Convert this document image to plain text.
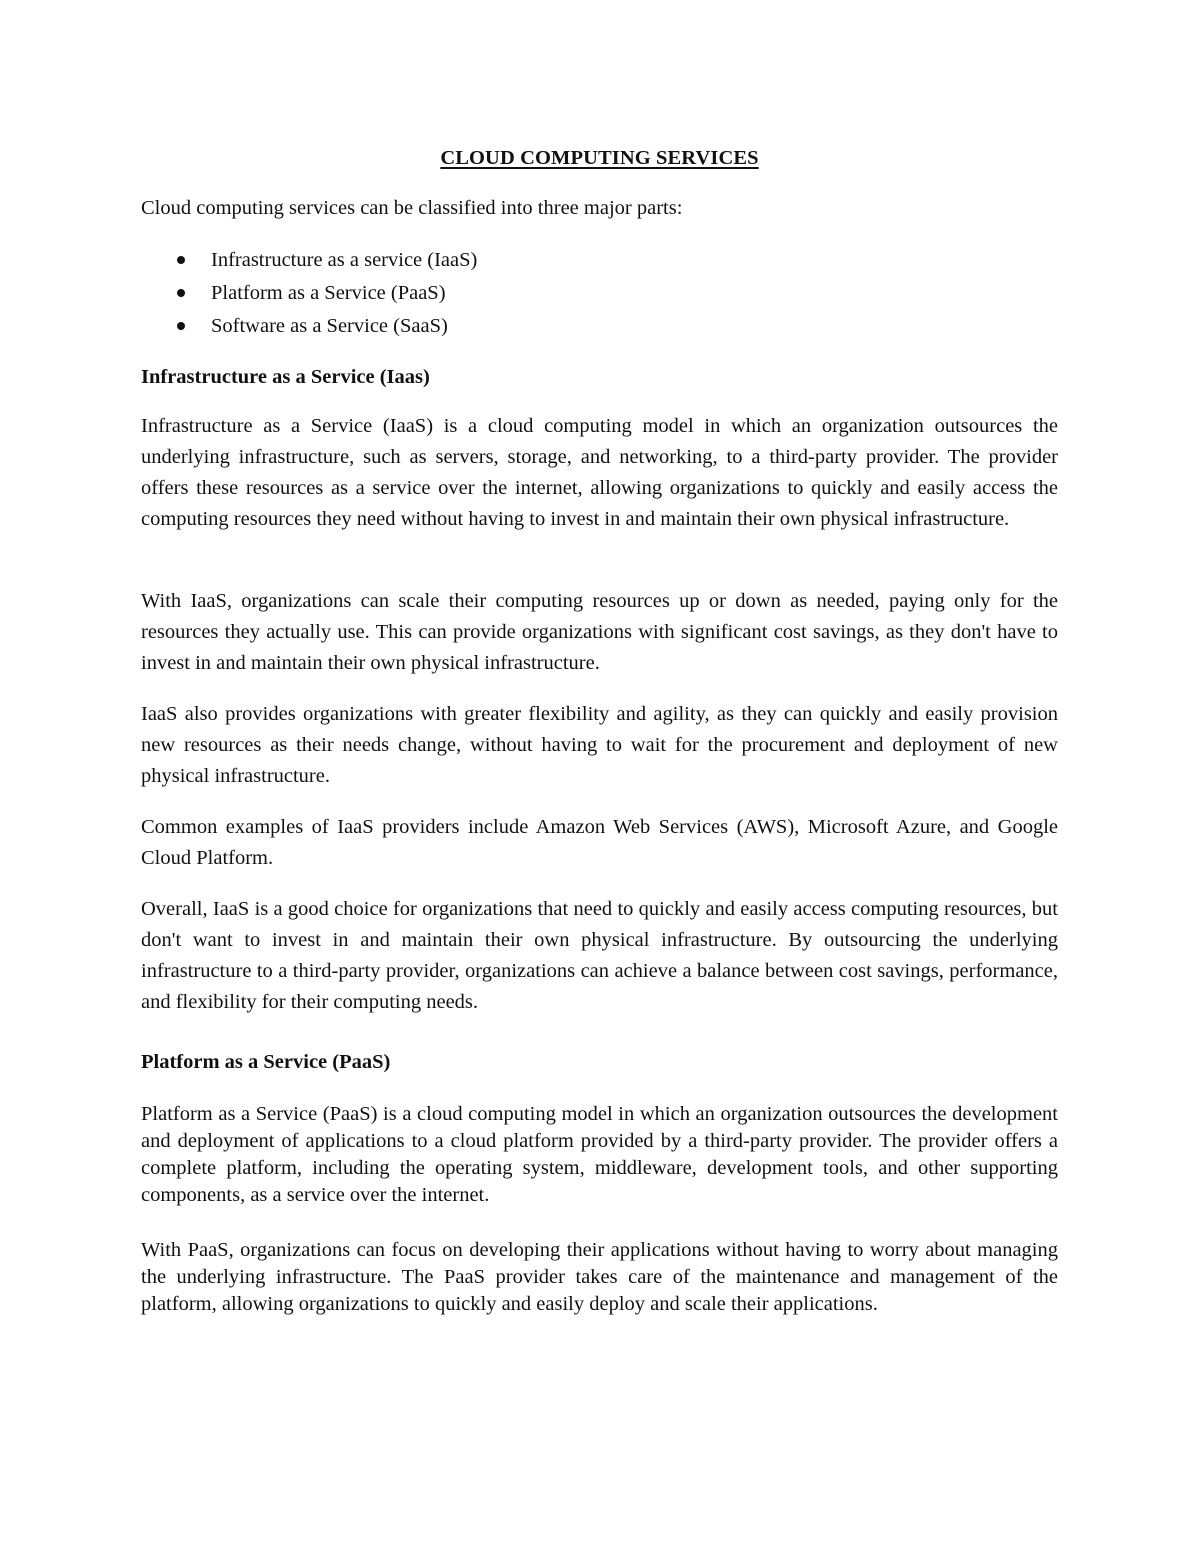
CLOUD COMPUTING SERVICES

Cloud computing services can be classified into three major parts:

Infrastructure as a service (IaaS)
Platform as a Service (PaaS)
Software as a Service (SaaS)
Infrastructure as a Service (Iaas)

Infrastructure as a Service (IaaS) is a cloud computing model in which an organization outsources the underlying infrastructure, such as servers, storage, and networking, to a third-party provider. The provider offers these resources as a service over the internet, allowing organizations to quickly and easily access the computing resources they need without having to invest in and maintain their own physical infrastructure.

With IaaS, organizations can scale their computing resources up or down as needed, paying only for the resources they actually use. This can provide organizations with significant cost savings, as they don't have to invest in and maintain their own physical infrastructure.

IaaS also provides organizations with greater flexibility and agility, as they can quickly and easily provision new resources as their needs change, without having to wait for the procurement and deployment of new physical infrastructure.

Common examples of IaaS providers include Amazon Web Services (AWS), Microsoft Azure, and Google Cloud Platform.

Overall, IaaS is a good choice for organizations that need to quickly and easily access computing resources, but don't want to invest in and maintain their own physical infrastructure. By outsourcing the underlying infrastructure to a third-party provider, organizations can achieve a balance between cost savings, performance, and flexibility for their computing needs.

Platform as a Service (PaaS)

Platform as a Service (PaaS) is a cloud computing model in which an organization outsources the development and deployment of applications to a cloud platform provided by a third-party provider. The provider offers a complete platform, including the operating system, middleware, development tools, and other supporting components, as a service over the internet.

With PaaS, organizations can focus on developing their applications without having to worry about managing the underlying infrastructure. The PaaS provider takes care of the maintenance and management of the platform, allowing organizations to quickly and easily deploy and scale their applications.
